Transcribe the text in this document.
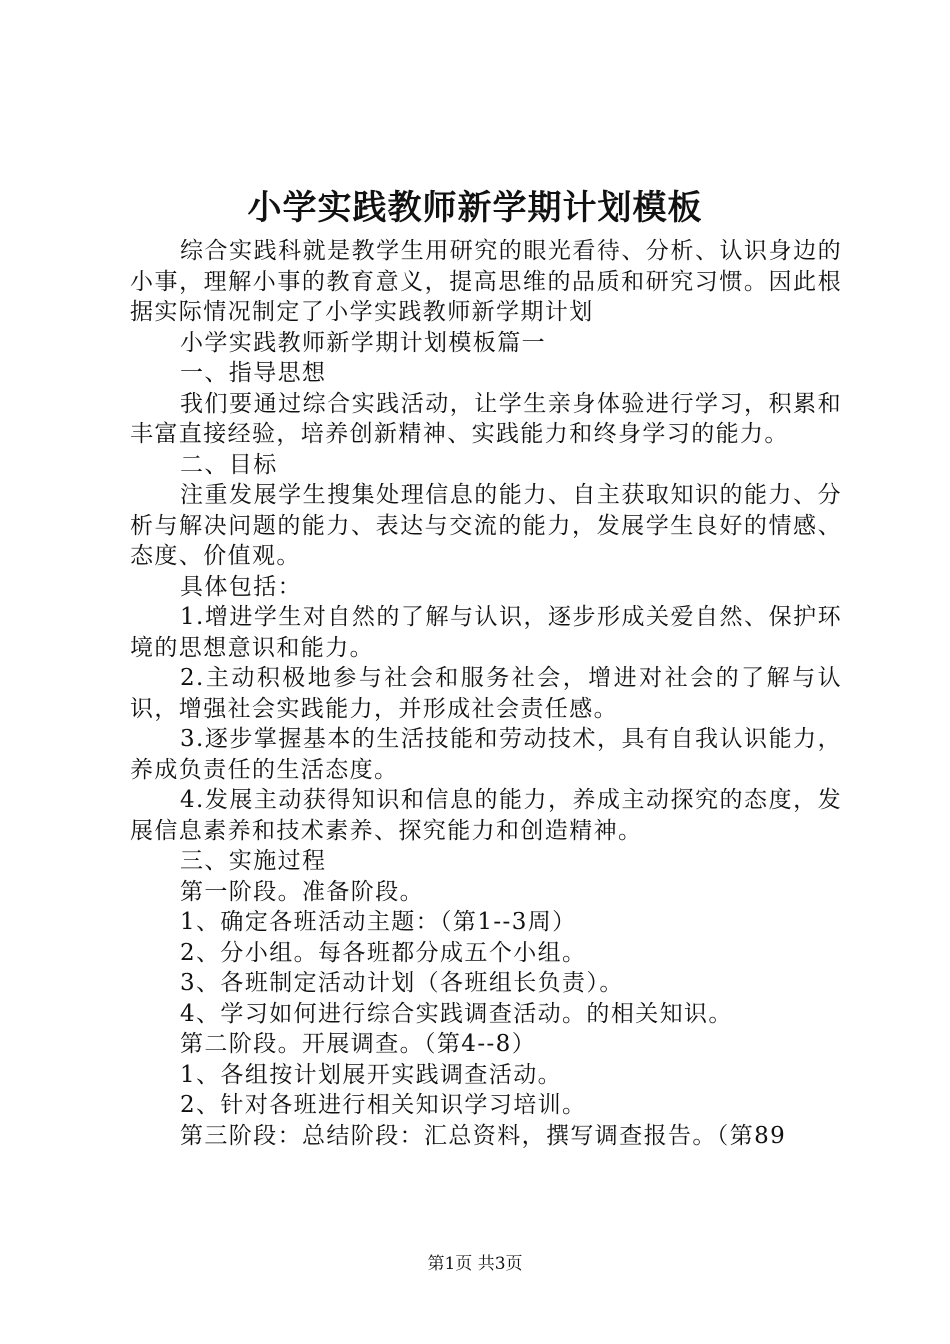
小学实践教师新学期计划模板

综合实践科就是教学生用研究的眼光看待、分析、认识身边的小事，理解小事的教育意义，提高思维的品质和研究习惯。因此根据实际情况制定了小学实践教师新学期计划

小学实践教师新学期计划模板篇一

一、指导思想

我们要通过综合实践活动，让学生亲身体验进行学习，积累和丰富直接经验，培养创新精神、实践能力和终身学习的能力。

二、目标

注重发展学生搜集处理信息的能力、自主获取知识的能力、分析与解决问题的能力、表达与交流的能力，发展学生良好的情感、态度、价值观。

具体包括：

1.增进学生对自然的了解与认识，逐步形成关爱自然、保护环境的思想意识和能力。

2.主动积极地参与社会和服务社会，增进对社会的了解与认识，增强社会实践能力，并形成社会责任感。

3.逐步掌握基本的生活技能和劳动技术，具有自我认识能力，养成负责任的生活态度。

4.发展主动获得知识和信息的能力，养成主动探究的态度，发展信息素养和技术素养、探究能力和创造精神。

三、实施过程

第一阶段。准备阶段。

1、确定各班活动主题：（第1--3周）

2、分小组。每各班都分成五个小组。

3、各班制定活动计划（各班组长负责）。

4、学习如何进行综合实践调查活动。的相关知识。

第二阶段。开展调查。（第4--8）

1、各组按计划展开实践调查活动。

2、针对各班进行相关知识学习培训。

第三阶段：总结阶段：汇总资料，撰写调查报告。（第89

第1页 共3页
